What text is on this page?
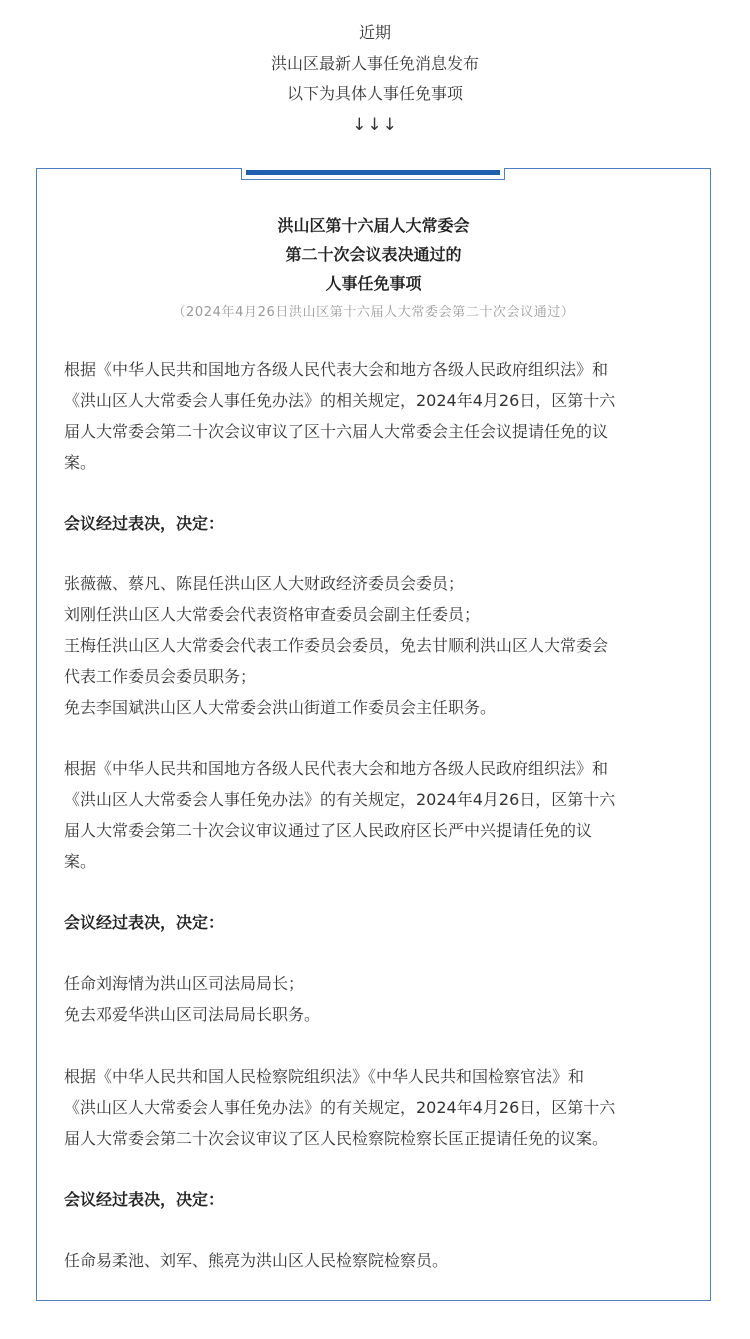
近期
洪山区最新人事任免消息发布
以下为具体人事任免事项
↓↓↓
洪山区第十六届人大常委会
第二十次会议表决通过的
人事任免事项
（2024年4月26日洪山区第十六届人大常委会第二十次会议通过）
根据《中华人民共和国地方各级人民代表大会和地方各级人民政府组织法》和
《洪山区人大常委会人事任免办法》的相关规定，2024年4月26日，区第十六
届人大常委会第二十次会议审议了区十六届人大常委会主任会议提请任免的议
案。
会议经过表决，决定：
张薇薇、蔡凡、陈昆任洪山区人大财政经济委员会委员；
刘刚任洪山区人大常委会代表资格审查委员会副主任委员；
王梅任洪山区人大常委会代表工作委员会委员，免去甘顺利洪山区人大常委会
代表工作委员会委员职务；
免去李国斌洪山区人大常委会洪山街道工作委员会主任职务。
根据《中华人民共和国地方各级人民代表大会和地方各级人民政府组织法》和
《洪山区人大常委会人事任免办法》的有关规定，2024年4月26日，区第十六
届人大常委会第二十次会议审议通过了区人民政府区长严中兴提请任免的议
案。
会议经过表决，决定：
任命刘海情为洪山区司法局局长；
免去邓爱华洪山区司法局局长职务。
根据《中华人民共和国人民检察院组织法》《中华人民共和国检察官法》和
《洪山区人大常委会人事任免办法》的有关规定，2024年4月26日，区第十六
届人大常委会第二十次会议审议了区人民检察院检察长匡正提请任免的议案。
会议经过表决，决定：
任命易柔池、刘军、熊亮为洪山区人民检察院检察员。
